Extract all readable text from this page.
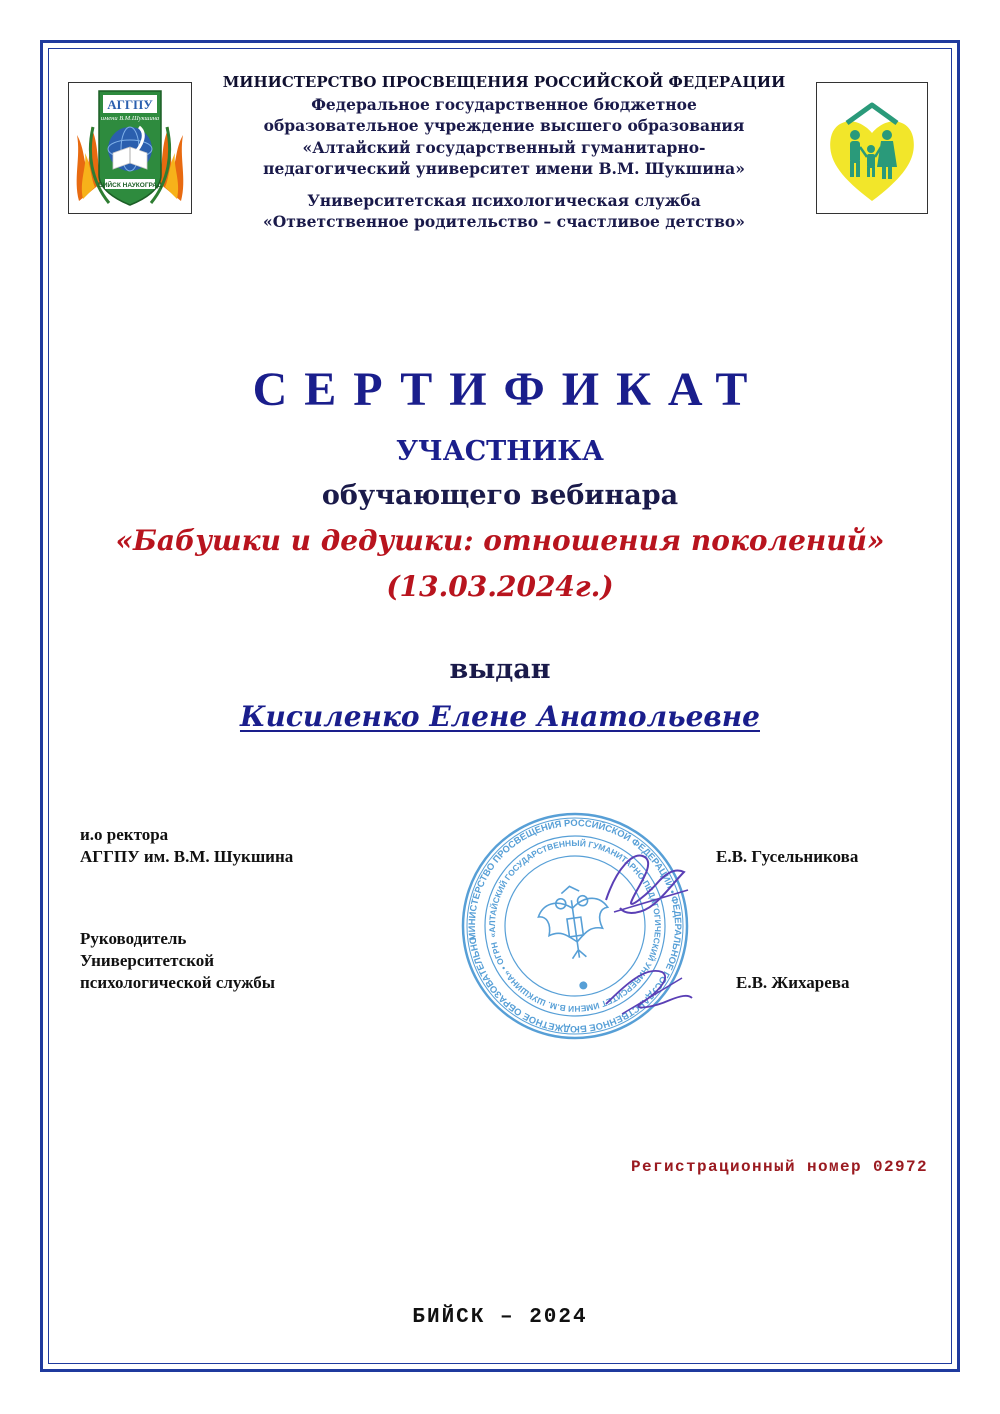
АГГПУ
имени В.М.Шукшина
БИЙСК НАУКОГРАД
МИНИСТЕРСТВО ПРОСВЕЩЕНИЯ РОССИЙСКОЙ ФЕДЕРАЦИИ
Федеральное государственное бюджетное
образовательное учреждение высшего образования
«Алтайский государственный гуманитарно-
педагогический университет имени В.М. Шукшина»
Университетская психологическая служба
«Ответственное родительство – счастливое детство»
СЕРТИФИКАТ
УЧАСТНИКА
обучающего вебинара
«Бабушки и дедушки: отношения поколений»
(13.03.2024г.)
выдан
Кисиленко Елене Анатольевне
и.о ректора
АГГПУ им. В.М. Шукшина	Е.В. Гусельникова
Руководитель
Университетской
психологической службы	Е.В. Жихарева
МИНИСТЕРСТВО ПРОСВЕЩЕНИЯ РОССИЙСКОЙ ФЕДЕРАЦИИ • ФЕДЕРАЛЬНОЕ ГОСУДАРСТВЕННОЕ БЮДЖЕТНОЕ ОБРАЗОВАТЕЛЬНОЕ
«АЛТАЙСКИЙ ГОСУДАРСТВЕННЫЙ ГУМАНИТАРНО-ПЕДАГОГИЧЕСКИЙ УНИВЕРСИТЕТ ИМЕНИ В.М. ШУКШИНА» • ОГРН
Регистрационный номер 02972
БИЙСК – 2024
